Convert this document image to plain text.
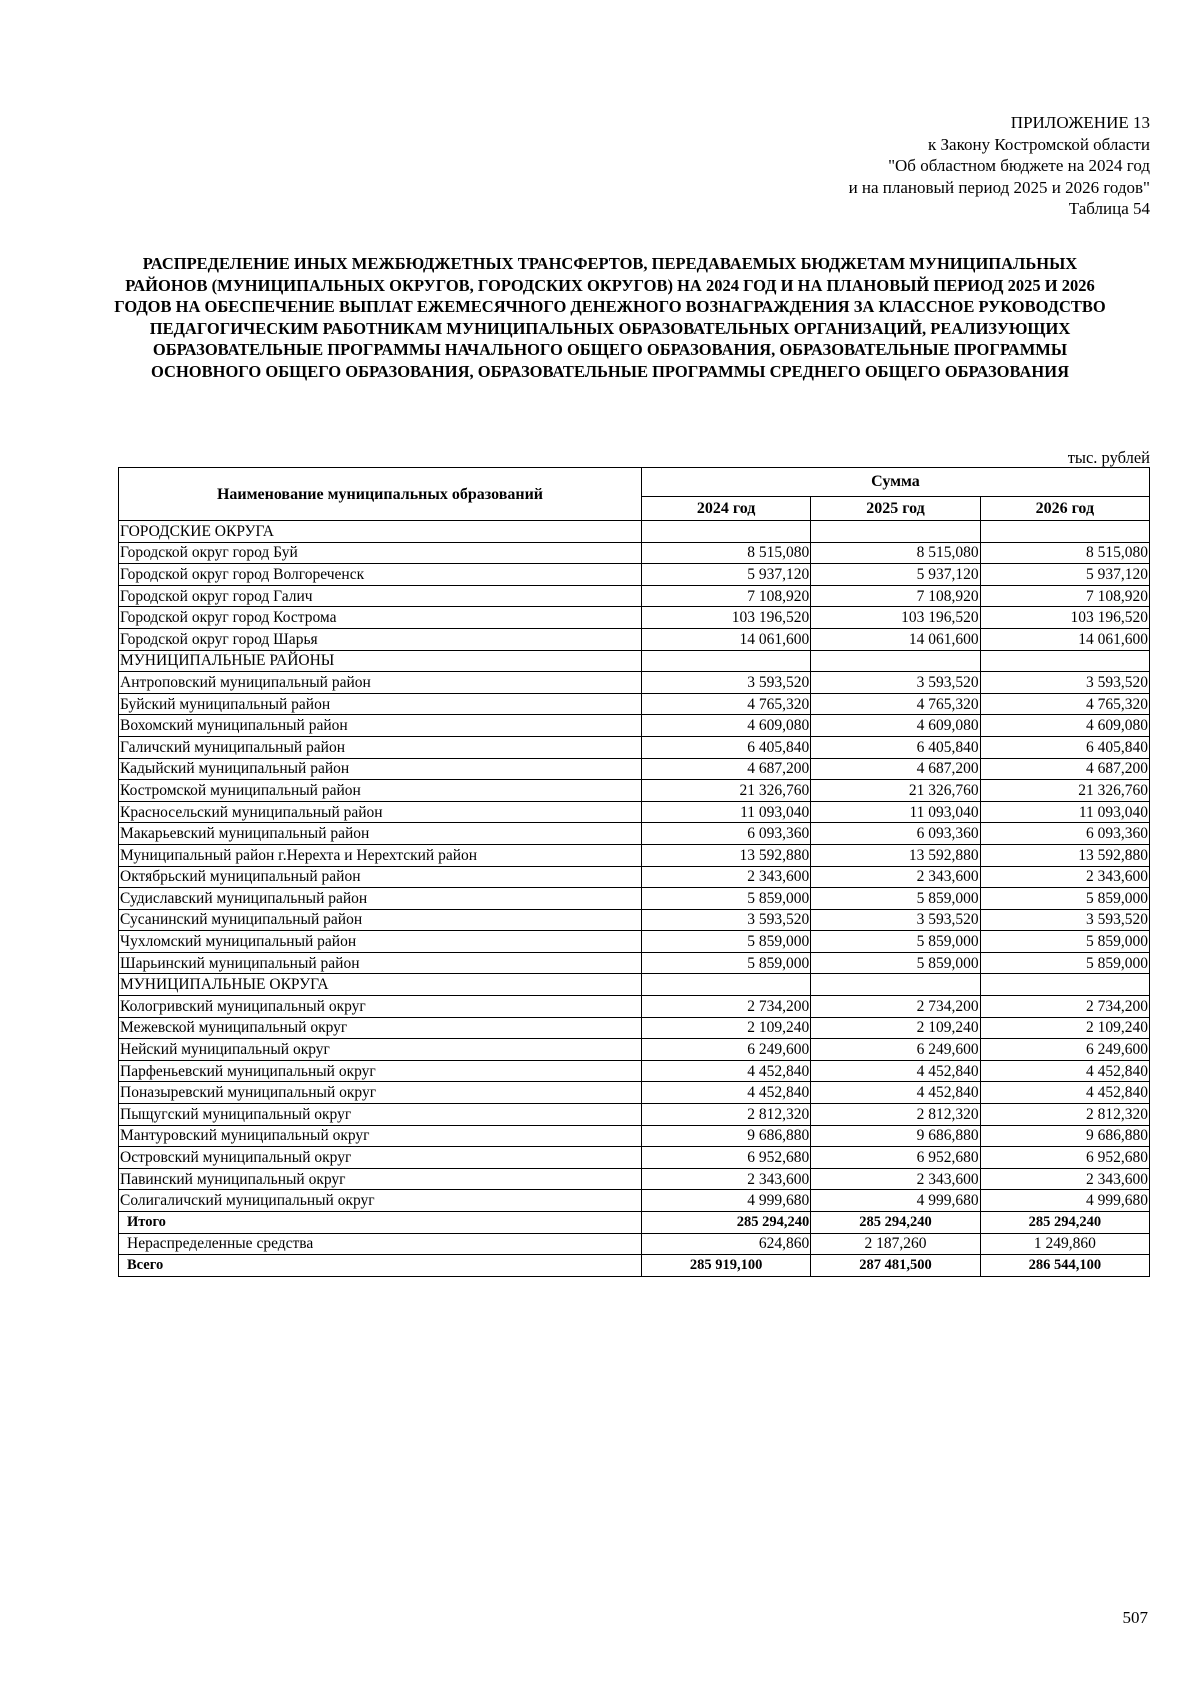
ПРИЛОЖЕНИЕ 13
к Закону Костромской области
"Об областном бюджете на 2024 год
и на плановый период 2025 и 2026 годов"
Таблица 54
РАСПРЕДЕЛЕНИЕ ИНЫХ МЕЖБЮДЖЕТНЫХ ТРАНСФЕРТОВ, ПЕРЕДАВАЕМЫХ БЮДЖЕТАМ МУНИЦИПАЛЬНЫХ РАЙОНОВ (МУНИЦИПАЛЬНЫХ ОКРУГОВ, ГОРОДСКИХ ОКРУГОВ) НА 2024 ГОД И НА ПЛАНОВЫЙ ПЕРИОД 2025 И 2026 ГОДОВ НА ОБЕСПЕЧЕНИЕ ВЫПЛАТ ЕЖЕМЕСЯЧНОГО ДЕНЕЖНОГО ВОЗНАГРАЖДЕНИЯ ЗА КЛАССНОЕ РУКОВОДСТВО ПЕДАГОГИЧЕСКИМ РАБОТНИКАМ МУНИЦИПАЛЬНЫХ ОБРАЗОВАТЕЛЬНЫХ ОРГАНИЗАЦИЙ, РЕАЛИЗУЮЩИХ ОБРАЗОВАТЕЛЬНЫЕ ПРОГРАММЫ НАЧАЛЬНОГО ОБЩЕГО ОБРАЗОВАНИЯ, ОБРАЗОВАТЕЛЬНЫЕ ПРОГРАММЫ ОСНОВНОГО ОБЩЕГО ОБРАЗОВАНИЯ, ОБРАЗОВАТЕЛЬНЫЕ ПРОГРАММЫ СРЕДНЕГО ОБЩЕГО ОБРАЗОВАНИЯ
тыс. рублей
Наименование муниципальных образований	Сумма		
	2024 год	2025 год	2026 год
ГОРОДСКИЕ ОКРУГА			
Городской округ город Буй	8 515,080	8 515,080	8 515,080
Городской округ город Волгореченск	5 937,120	5 937,120	5 937,120
Городской округ город Галич	7 108,920	7 108,920	7 108,920
Городской округ город Кострома	103 196,520	103 196,520	103 196,520
Городской округ город Шарья	14 061,600	14 061,600	14 061,600
МУНИЦИПАЛЬНЫЕ РАЙОНЫ			
Антроповский муниципальный район	3 593,520	3 593,520	3 593,520
Буйский муниципальный район	4 765,320	4 765,320	4 765,320
Вохомский муниципальный район	4 609,080	4 609,080	4 609,080
Галичский муниципальный район	6 405,840	6 405,840	6 405,840
Кадыйский муниципальный район	4 687,200	4 687,200	4 687,200
Костромской муниципальный район	21 326,760	21 326,760	21 326,760
Красносельский муниципальный район	11 093,040	11 093,040	11 093,040
Макарьевский муниципальный район	6 093,360	6 093,360	6 093,360
Муниципальный район г.Нерехта и Нерехтский район	13 592,880	13 592,880	13 592,880
Октябрьский муниципальный район	2 343,600	2 343,600	2 343,600
Судиславский муниципальный район	5 859,000	5 859,000	5 859,000
Сусанинский муниципальный район	3 593,520	3 593,520	3 593,520
Чухломский муниципальный район	5 859,000	5 859,000	5 859,000
Шарьинский муниципальный район	5 859,000	5 859,000	5 859,000
МУНИЦИПАЛЬНЫЕ ОКРУГА			
Кологривский муниципальный округ	2 734,200	2 734,200	2 734,200
Межевской муниципальный округ	2 109,240	2 109,240	2 109,240
Нейский муниципальный округ	6 249,600	6 249,600	6 249,600
Парфеньевский муниципальный округ	4 452,840	4 452,840	4 452,840
Поназыревский муниципальный округ	4 452,840	4 452,840	4 452,840
Пыщугский муниципальный округ	2 812,320	2 812,320	2 812,320
Мантуровский муниципальный округ	9 686,880	9 686,880	9 686,880
Островский муниципальный округ	6 952,680	6 952,680	6 952,680
Павинский муниципальный округ	2 343,600	2 343,600	2 343,600
Солигаличский муниципальный округ	4 999,680	4 999,680	4 999,680
Итого	285 294,240	285 294,240	285 294,240
Нераспределенные средства	624,860	2 187,260	1 249,860
Всего	285 919,100	287 481,500	286 544,100
507
